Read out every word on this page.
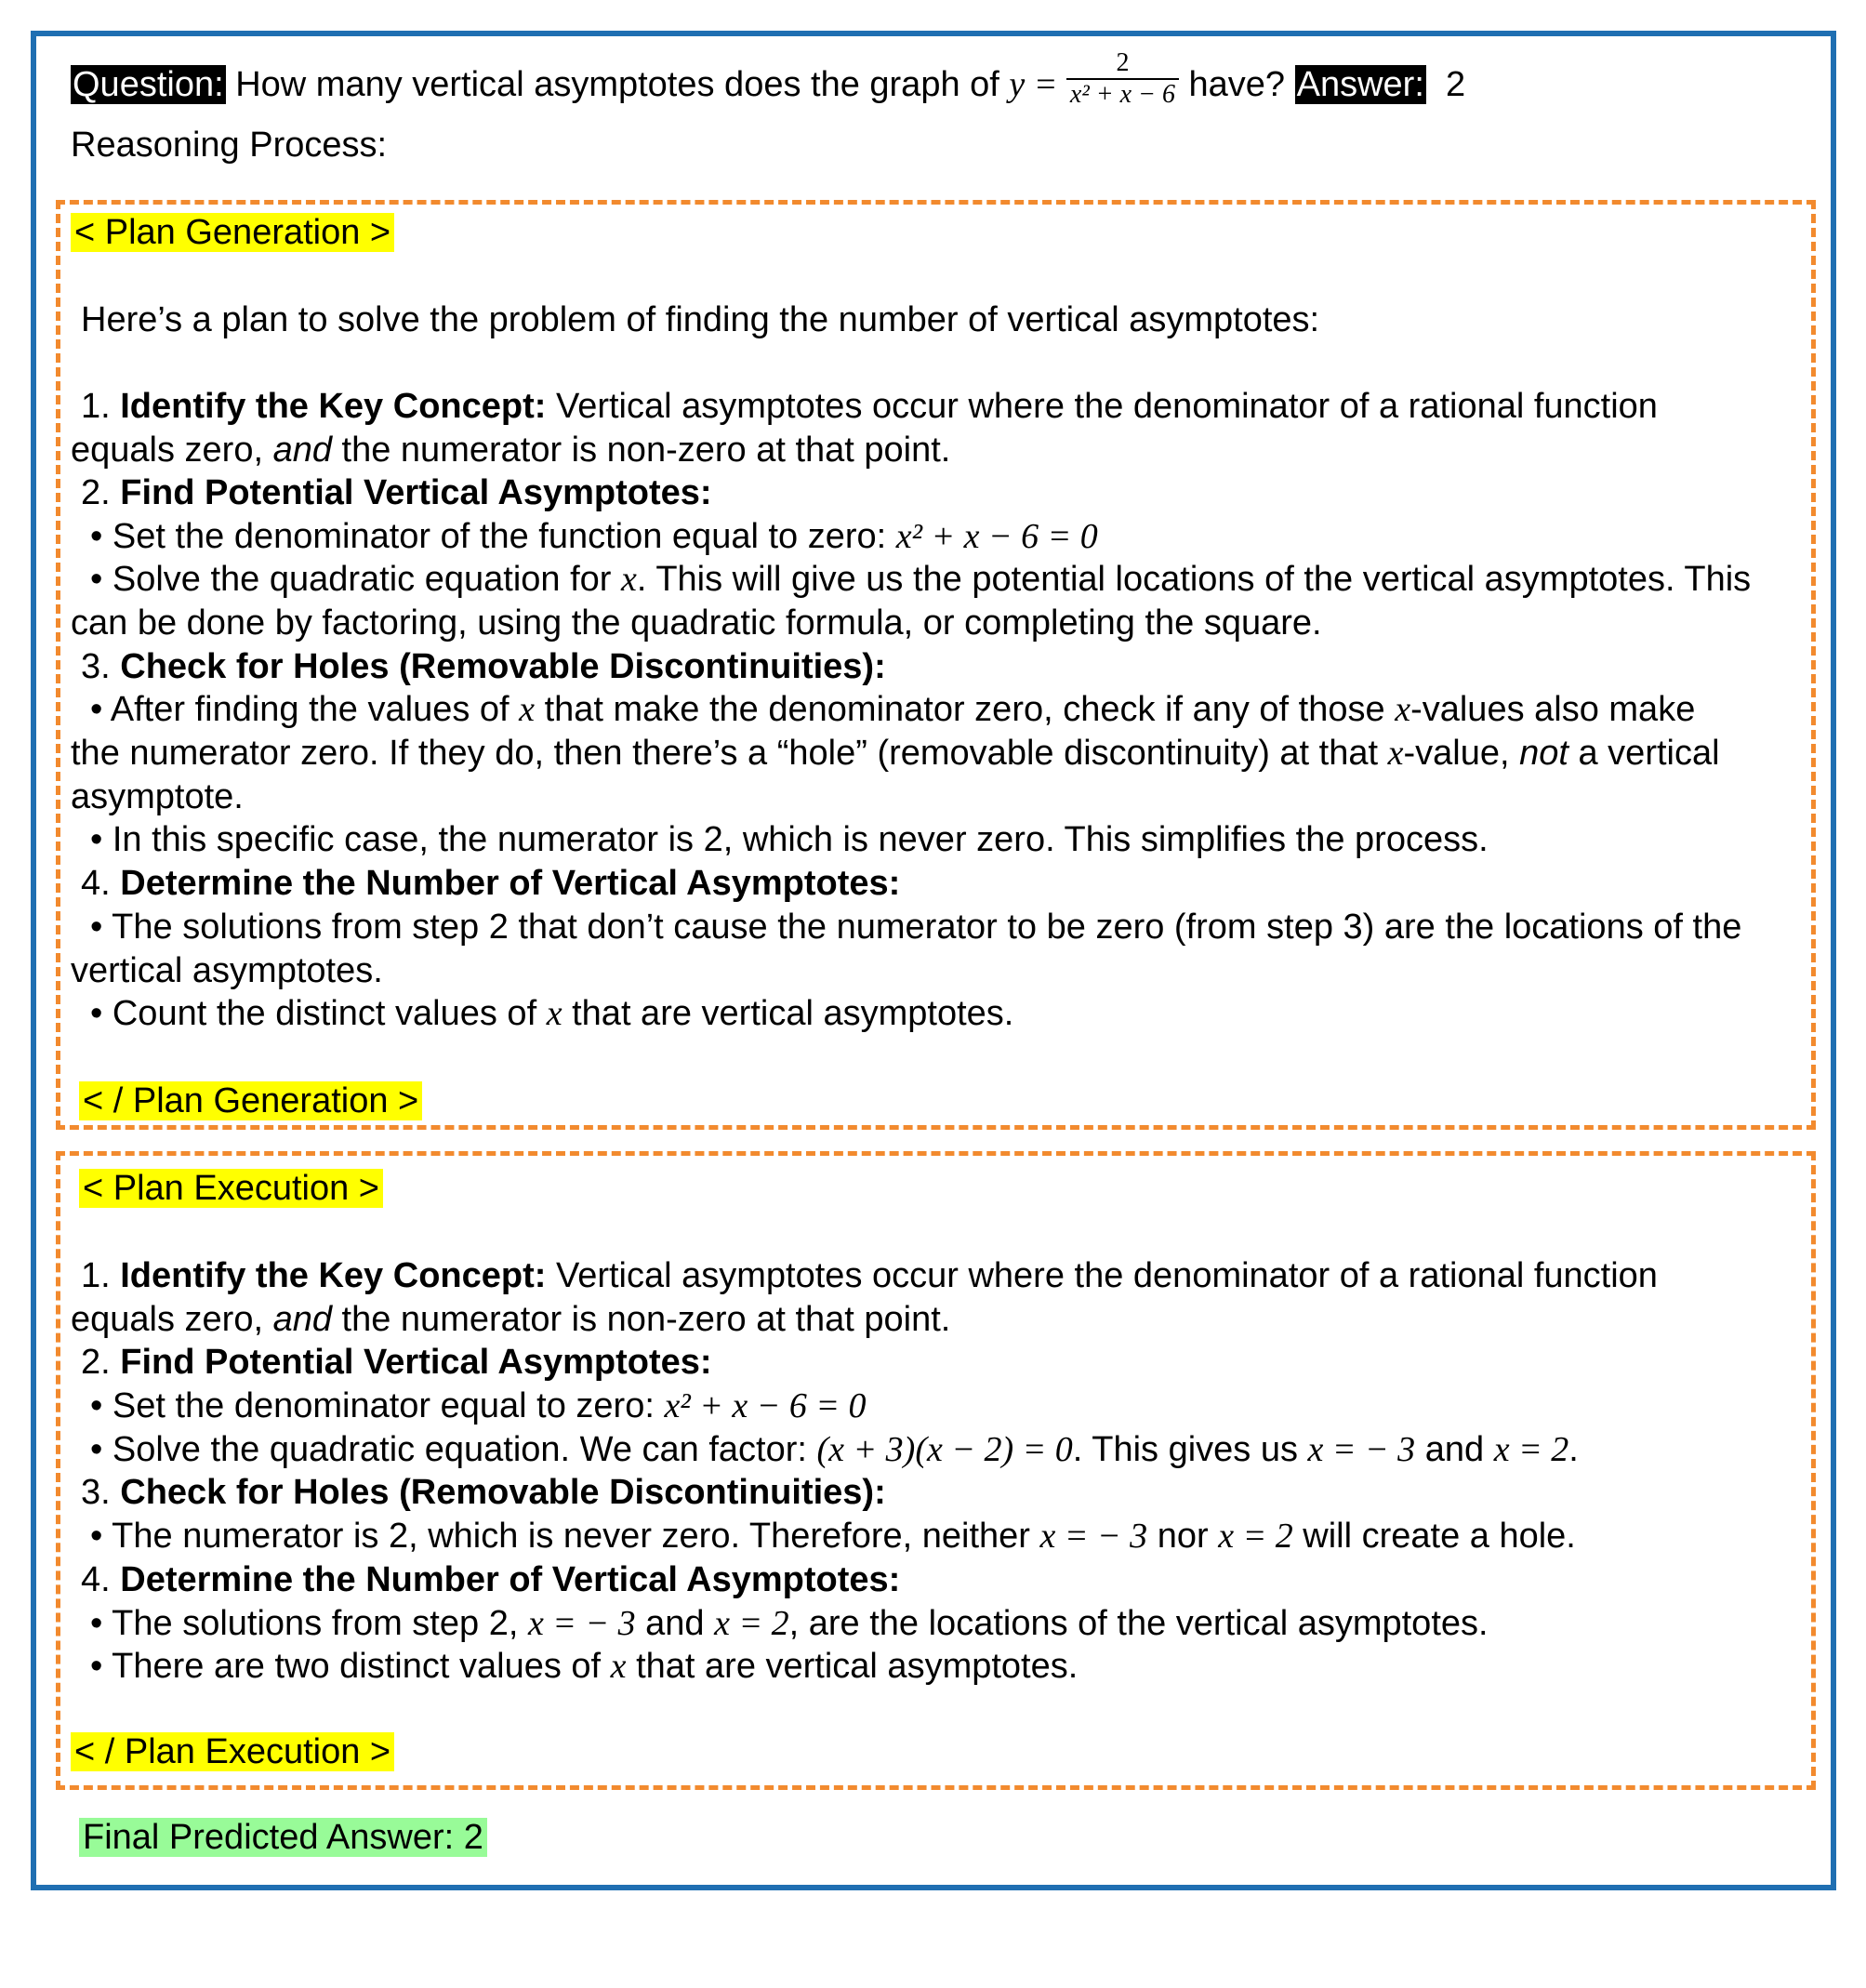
Question: How many vertical asymptotes does the graph of $y = \frac{2}{\text{x² + x − 6}}$ have? Answer: 2
Reasoning Process:
< Plan Generation >
Here’s a plan to solve the problem of finding the number of vertical asymptotes:
1. Identify the Key Concept: Vertical asymptotes occur where the denominator of a rational function
equals zero, and the numerator is non-zero at that point.
2. Find Potential Vertical Asymptotes:
• Set the denominator of the function equal to zero: x² + x − 6 = 0
• Solve the quadratic equation for x. This will give us the potential locations of the vertical asymptotes. This
can be done by factoring, using the quadratic formula, or completing the square.
3. Check for Holes (Removable Discontinuities):
• After finding the values of x that make the denominator zero, check if any of those x-values also make
the numerator zero. If they do, then there’s a “hole” (removable discontinuity) at that x-value, not a vertical
asymptote.
• In this specific case, the numerator is 2, which is never zero. This simplifies the process.
4. Determine the Number of Vertical Asymptotes:
• The solutions from step 2 that don’t cause the numerator to be zero (from step 3) are the locations of the
vertical asymptotes.
• Count the distinct values of x that are vertical asymptotes.
< / Plan Generation >
< Plan Execution >
1. Identify the Key Concept: Vertical asymptotes occur where the denominator of a rational function
equals zero, and the numerator is non-zero at that point.
2. Find Potential Vertical Asymptotes:
• Set the denominator equal to zero: x² + x − 6 = 0
• Solve the quadratic equation. We can factor: (x + 3)(x − 2) = 0. This gives us x = − 3 and x = 2.
3. Check for Holes (Removable Discontinuities):
• The numerator is 2, which is never zero. Therefore, neither x = − 3 nor x = 2 will create a hole.
4. Determine the Number of Vertical Asymptotes:
• The solutions from step 2, x = − 3 and x = 2, are the locations of the vertical asymptotes.
• There are two distinct values of x that are vertical asymptotes.
< / Plan Execution >
Final Predicted Answer: 2
